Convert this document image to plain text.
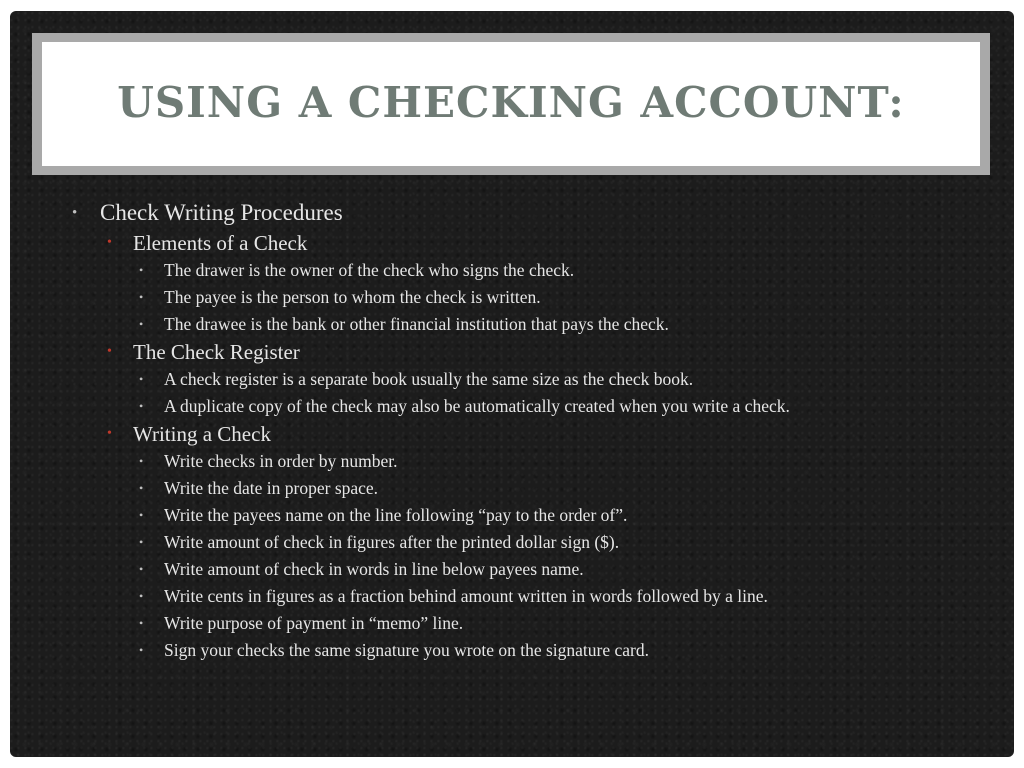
USING A CHECKING ACCOUNT:
• Check Writing Procedures
• Elements of a Check
• The drawer is the owner of the check who signs the check.
• The payee is the person to whom the check is written.
• The drawee is the bank or other financial institution that pays the check.
• The Check Register
• A check register is a separate book usually the same size as the check book.
• A duplicate copy of the check may also be automatically created when you write a check.
• Writing a Check
• Write checks in order by number.
• Write the date in proper space.
• Write the payees name on the line following “pay to the order of”.
• Write amount of check in figures after the printed dollar sign ($).
• Write amount of check in words in line below payees name.
• Write cents in figures as a fraction behind amount written in words followed by a line.
• Write purpose of payment in “memo” line.
• Sign your checks the same signature you wrote on the signature card.
